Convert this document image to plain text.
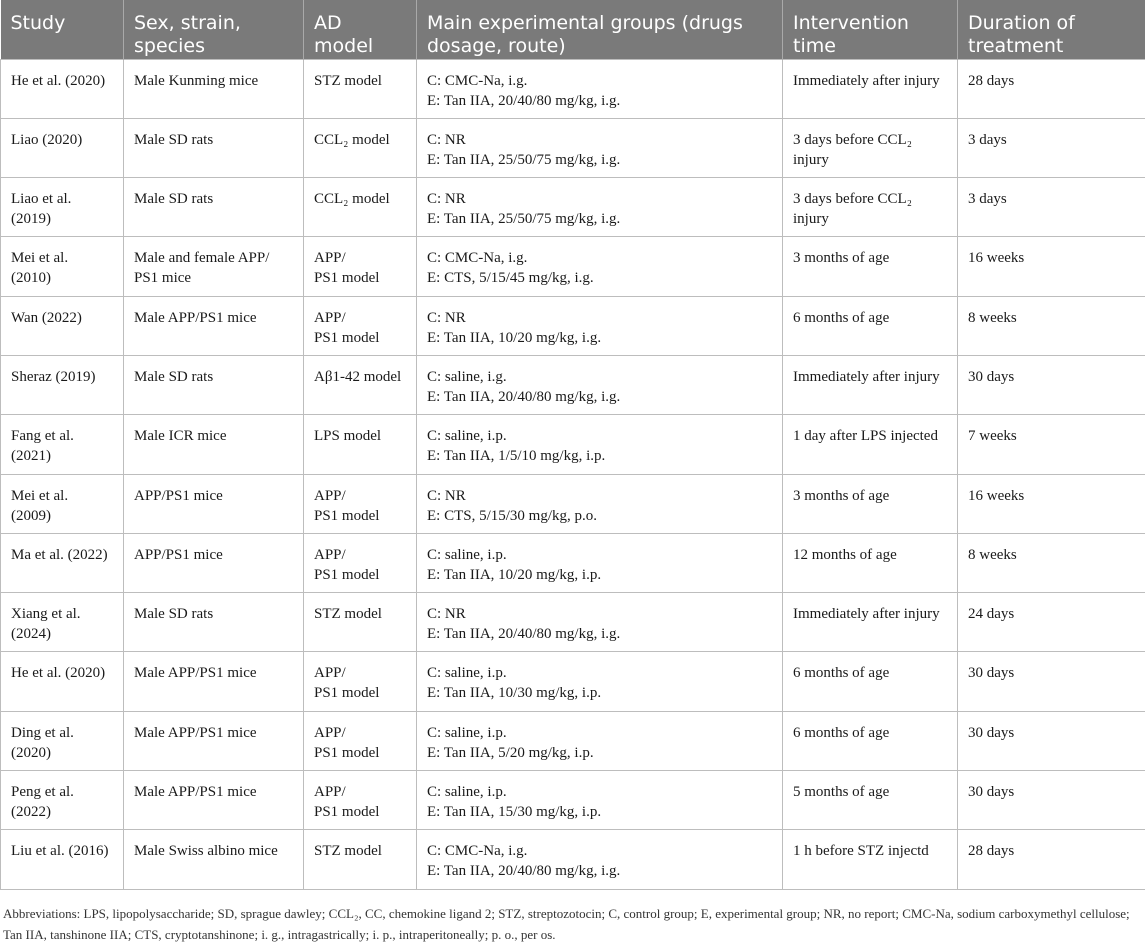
Study	Sex, strain,
species	AD
model	Main experimental groups (drugs
dosage, route)	Intervention
time	Duration of
treatment

He et al. (2020)	Male Kunming mice	STZ model	C: CMC-Na, i.g.
E: Tan IIA, 20/40/80 mg/kg, i.g.	Immediately after injury	28 days

Liao (2020)	Male SD rats	CCL₂ model	C: NR
E: Tan IIA, 25/50/75 mg/kg, i.g.	3 days before CCL₂
injury	3 days

Liao et al.
(2019)	Male SD rats	CCL₂ model	C: NR
E: Tan IIA, 25/50/75 mg/kg, i.g.	3 days before CCL₂
injury	3 days

Mei et al.
(2010)	Male and female APP/
PS1 mice	APP/
PS1 model	C: CMC-Na, i.g.
E: CTS, 5/15/45 mg/kg, i.g.	3 months of age	16 weeks

Wan (2022)	Male APP/PS1 mice	APP/
PS1 model	C: NR
E: Tan IIA, 10/20 mg/kg, i.g.	6 months of age	8 weeks

Sheraz (2019)	Male SD rats	Aβ1-42 model	C: saline, i.g.
E: Tan IIA, 20/40/80 mg/kg, i.g.	Immediately after injury	30 days

Fang et al.
(2021)	Male ICR mice	LPS model	C: saline, i.p.
E: Tan IIA, 1/5/10 mg/kg, i.p.	1 day after LPS injected	7 weeks

Mei et al.
(2009)	APP/PS1 mice	APP/
PS1 model	C: NR
E: CTS, 5/15/30 mg/kg, p.o.	3 months of age	16 weeks

Ma et al. (2022)	APP/PS1 mice	APP/
PS1 model	C: saline, i.p.
E: Tan IIA, 10/20 mg/kg, i.p.	12 months of age	8 weeks

Xiang et al.
(2024)	Male SD rats	STZ model	C: NR
E: Tan IIA, 20/40/80 mg/kg, i.g.	Immediately after injury	24 days

He et al. (2020)	Male APP/PS1 mice	APP/
PS1 model	C: saline, i.p.
E: Tan IIA, 10/30 mg/kg, i.p.	6 months of age	30 days

Ding et al.
(2020)	Male APP/PS1 mice	APP/
PS1 model	C: saline, i.p.
E: Tan IIA, 5/20 mg/kg, i.p.	6 months of age	30 days

Peng et al.
(2022)	Male APP/PS1 mice	APP/
PS1 model	C: saline, i.p.
E: Tan IIA, 15/30 mg/kg, i.p.	5 months of age	30 days

Liu et al. (2016)	Male Swiss albino mice	STZ model	C: CMC-Na, i.g.
E: Tan IIA, 20/40/80 mg/kg, i.g.	1 h before STZ injectd	28 days
Abbreviations: LPS, lipopolysaccharide; SD, sprague dawley; CCL₂, CC, chemokine ligand 2; STZ, streptozotocin; C, control group; E, experimental group; NR, no report; CMC-Na, sodium carboxymethyl cellulose; Tan IIA, tanshinone IIA; CTS, cryptotanshinone; i. g., intragastrically; i. p., intraperitoneally; p. o., per os.
